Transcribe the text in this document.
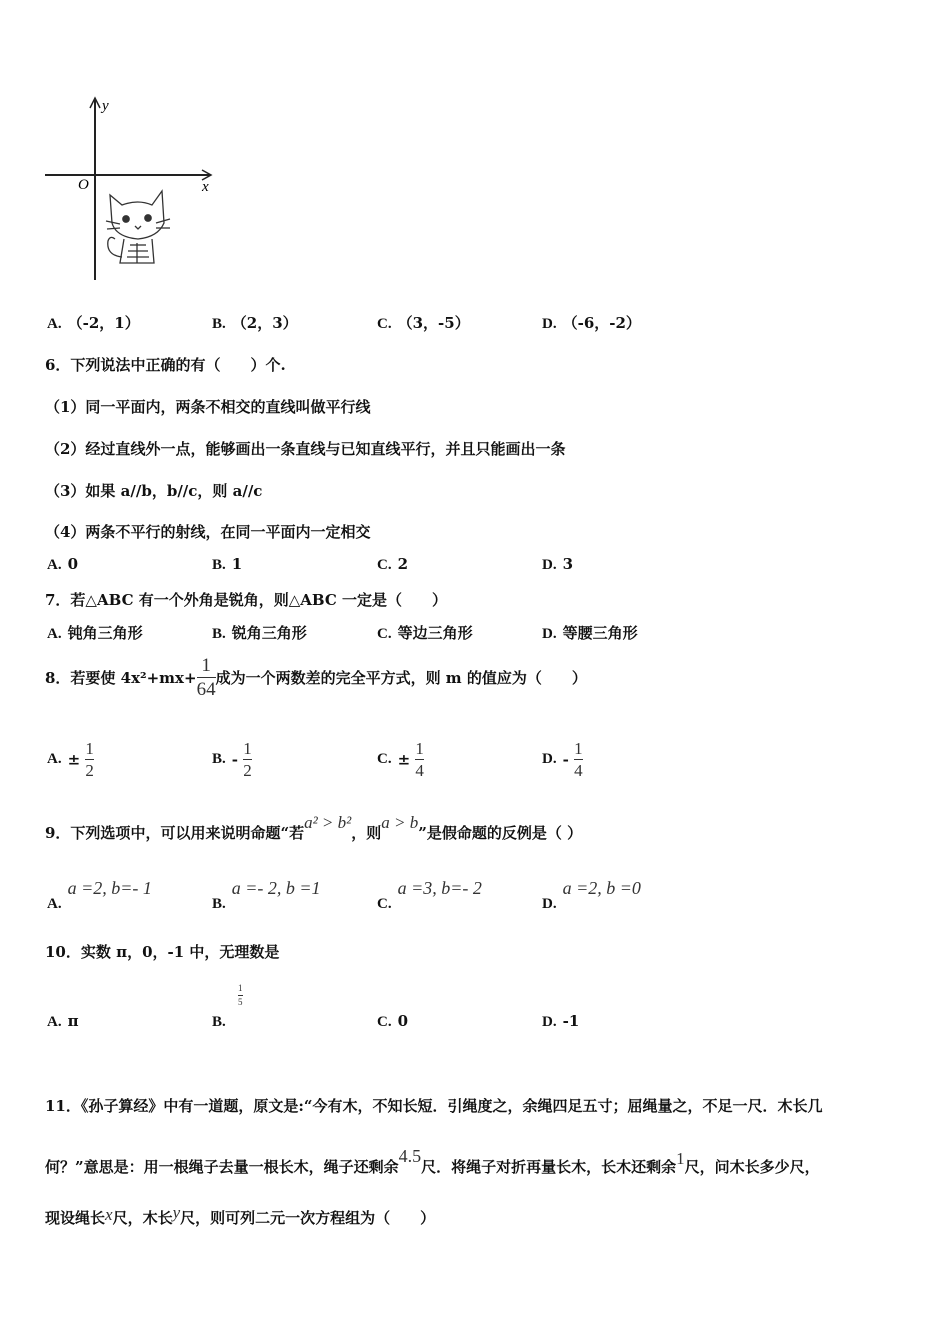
y
x
O
A. （-2，1）	B. （2，3）	C. （3，-5）	D. （-6，-2）
6．下列说法中正确的有（　　）个.
（1）同一平面内，两条不相交的直线叫做平行线
（2）经过直线外一点，能够画出一条直线与已知直线平行，并且只能画出一条
（3）如果 a//b，b//c，则 a//c
（4）两条不平行的射线，在同一平面内一定相交
A. 0	B. 1	C. 2	D. 3
7．若△ABC 有一个外角是锐角，则△ABC 一定是（　　）
A. 钝角三角形	B. 锐角三角形	C. 等边三角形	D. 等腰三角形
8．若要使 $4x^2+mx+ \frac{1}{64}$ 成为一个两数差的完全平方式，则 m 的值应为（　　）
A. ± $\frac{1}{2}$	B. - $\frac{1}{2}$	C. ± $\frac{1}{4}$	D. - $\frac{1}{4}$
9．下列选项中，可以用来说明命题“若a² > b²，则a > b”是假命题的反例是（ ）
A.a =2, b=- 1
B.a =- 2, b =1
C.a =3, b=- 2
D.a =2, b =0
10．实数 π，0，-1 中，无理数是
A. π	B.
1
5
C. 0	D. -1
11．《孙子算经》中有一道题，原文是:“今有木，不知长短．引绳度之，余绳四足五寸；屈绳量之，不足一尺．木长几
何？”意思是：用一根绳子去量一根长木，绳子还剩余4.5尺．将绳子对折再量长木，长木还剩余1尺，问木长多少尺，
现设绳长x尺，木长y尺，则可列二元一次方程组为（　　）
